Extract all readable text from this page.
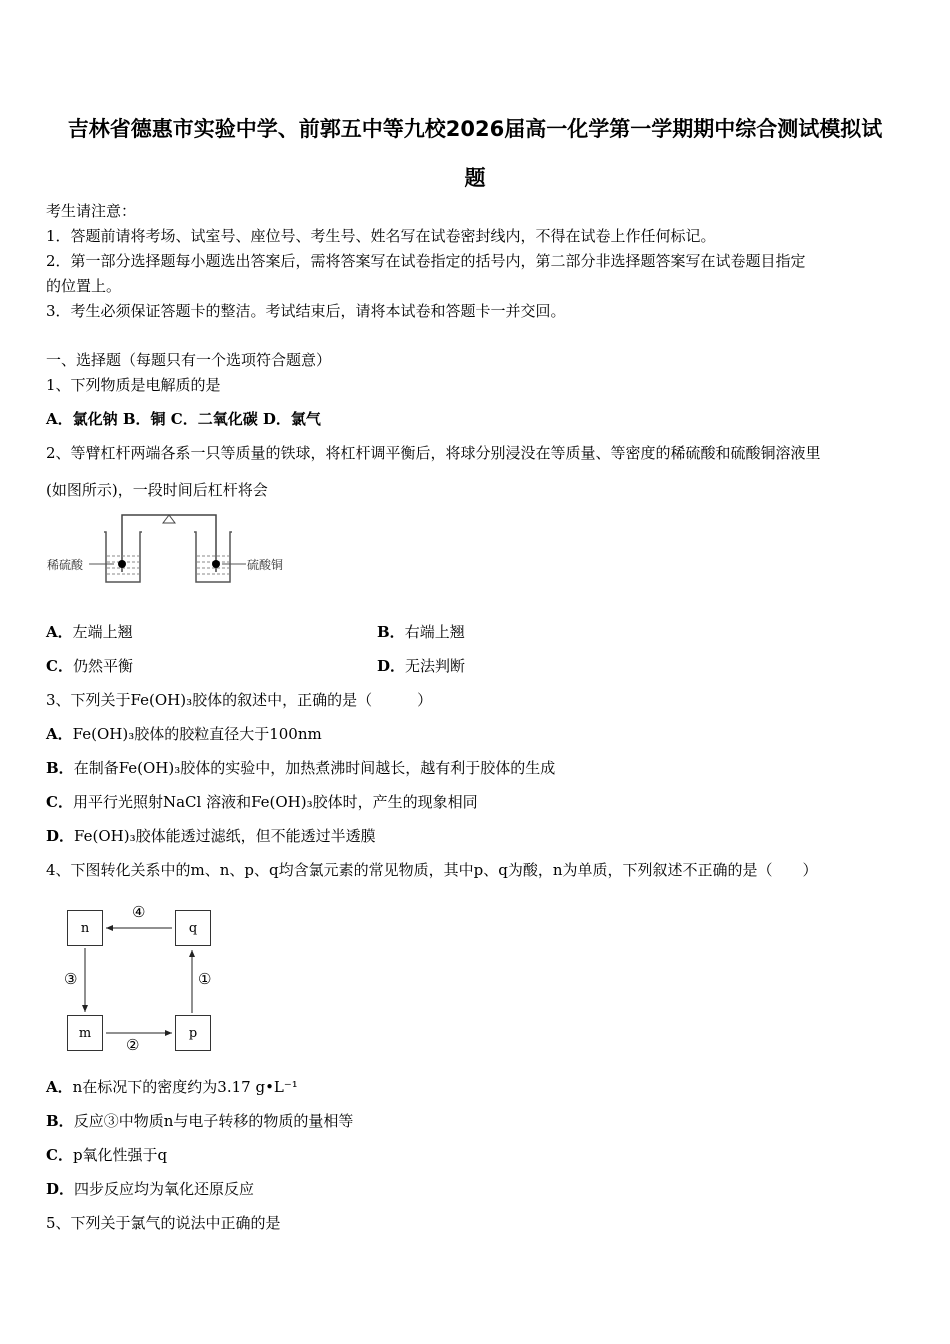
吉林省德惠市实验中学、前郭五中等九校2026届高一化学第一学期期中综合测试模拟试
题
考生请注意：
1．答题前请将考场、试室号、座位号、考生号、姓名写在试卷密封线内，不得在试卷上作任何标记。
2．第一部分选择题每小题选出答案后，需将答案写在试卷指定的括号内，第二部分非选择题答案写在试卷题目指定
的位置上。
3．考生必须保证答题卡的整洁。考试结束后，请将本试卷和答题卡一并交回。
一、选择题（每题只有一个选项符合题意）
1、下列物质是电解质的是
A．氯化钠 B．铜 C．二氧化碳 D．氯气
2、等臂杠杆两端各系一只等质量的铁球，将杠杆调平衡后，将球分别浸没在等质量、等密度的稀硫酸和硫酸铜溶液里
(如图所示)，一段时间后杠杆将会
稀硫酸	硫酸铜
A．左端上翘	B．右端上翘
C．仍然平衡	D．无法判断
3、下列关于Fe(OH)₃胶体的叙述中，正确的是（　　　）
A．Fe(OH)₃胶体的胶粒直径大于100nm
B．在制备Fe(OH)₃胶体的实验中，加热煮沸时间越长，越有利于胶体的生成
C．用平行光照射NaCl 溶液和Fe(OH)₃胶体时，产生的现象相同
D．Fe(OH)₃胶体能透过滤纸，但不能透过半透膜
4、下图转化关系中的m、n、p、q均含氯元素的常见物质，其中p、q为酸，n为单质，下列叙述不正确的是（　　）
n	q
m	p
④
③
②
①
A．n在标况下的密度约为3.17 g•L⁻¹
B．反应③中物质n与电子转移的物质的量相等
C．p氧化性强于q
D．四步反应均为氧化还原反应
5、下列关于氯气的说法中正确的是
